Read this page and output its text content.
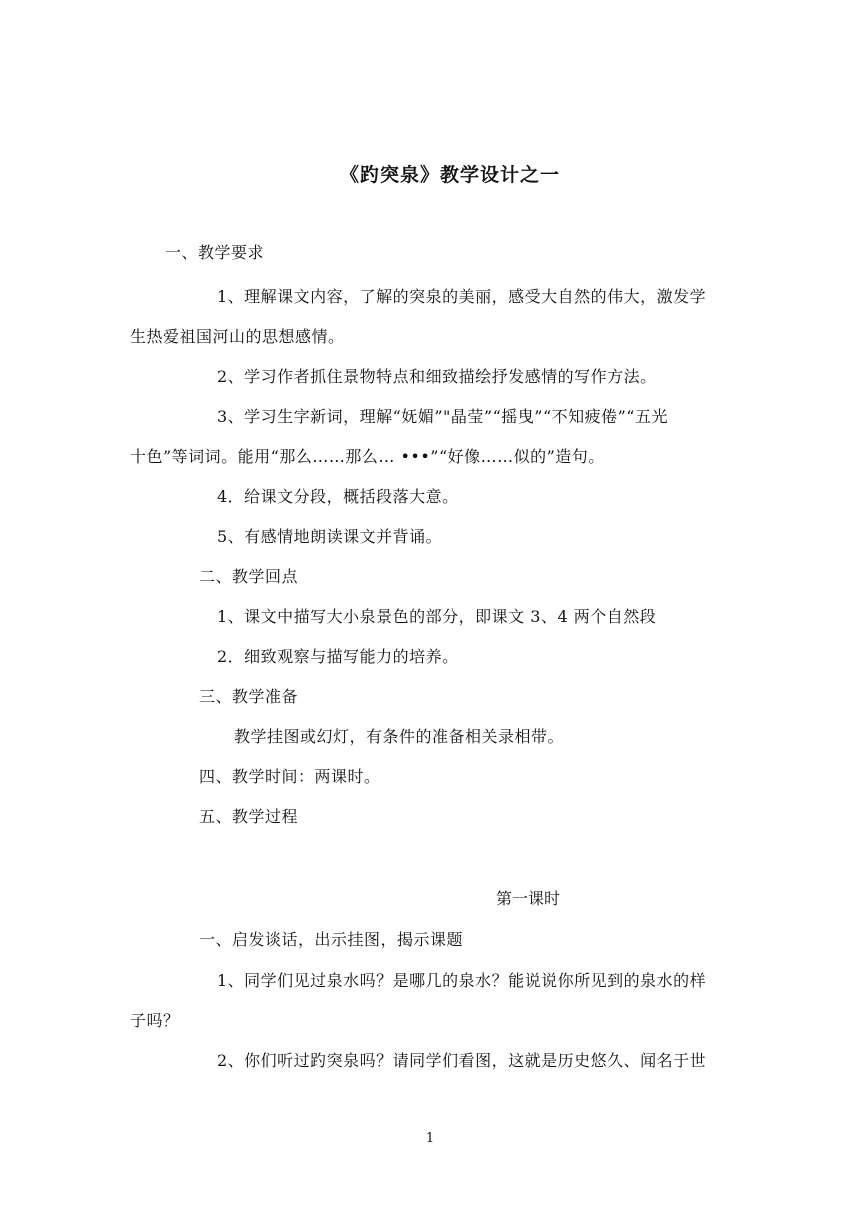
《趵突泉》教学设计之一
一、教学要求
1、理解课文内容，了解的突泉的美丽，感受大自然的伟大，激发学
生热爱祖国河山的思想感情。
2、学习作者抓住景物特点和细致描绘抒发感情的写作方法。
3、学习生字新词，理解“妩媚”"晶莹”“摇曳”“不知疲倦”“五光
十色”等词词。能用“那么……那么… •••”“好像……似的”造句。
4．给课文分段，概括段落大意。
5、有感情地朗读课文并背诵。
二、教学回点
1、课文中描写大小泉景色的部分，即课文 3、4 两个自然段
2．细致观察与描写能力的培养。
三、教学准备
教学挂图或幻灯，有条件的准备相关录相带。
四、教学时间：两课时。
五、教学过程
第一课时
一、启发谈话，出示挂图，揭示课题
1、同学们见过泉水吗？是哪几的泉水？能说说你所见到的泉水的样
子吗？
2、你们听过趵突泉吗？请同学们看图，这就是历史悠久、闻名于世
1
